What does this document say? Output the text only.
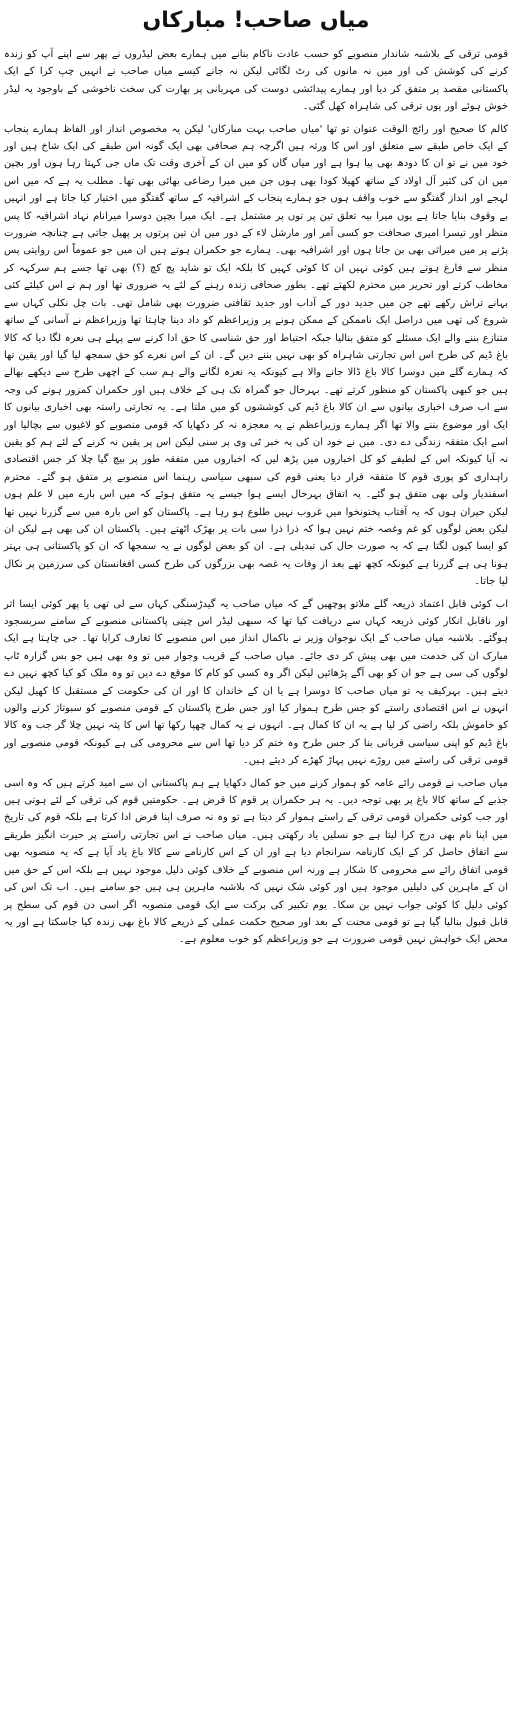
میاں صاحب! مبارکاں

قومی ترقی کے بلاشبہ شاندار منصوبے کو حسب عادت ناکام بنانے میں ہمارے بعض لیڈروں نے پھر سے اپنے آپ کو زندہ کرنے کی کوشش کی اور میں نہ مانوں کی رٹ لگائی لیکن نہ جانے کیسے میاں صاحب نے انہیں چپ کرا کے ایک پاکستانی مقصد پر متفق کر دیا اور ہمارے پیدائشی دوست کی مہربانی پر بھارت کی سخت ناخوشی کے باوجود یہ لیڈر خوش ہوئے اور یوں ترقی کی شاہراہ کھل گئی۔

کالم کا صحیح اور رائج الوقت عنوان تو تھا 'میاں صاحب بہت مبارکاں' لیکن یہ مخصوص انداز اور الفاظ ہمارے پنجاب کے ایک خاص طبقے سے متعلق اور اس کا ورثہ ہیں اگرچہ ہم صحافی بھی ایک گونہ اس طبقے کی ایک شاخ ہیں اور خود میں نے تو ان کا دودھ بھی پیا ہوا ہے اور میاں گاں کو میں ان کے آخری وقت تک ماں جی کہتا رہا ہوں اور بچپن میں ان کی کثیر آل اولاد کے ساتھ کھیلا کودا بھی ہوں جن میں میرا رضاعی بھائی بھی تھا۔ مطلب یہ ہے کہ میں اس لہجے اور انداز گفتگو سے خوب واقف ہوں جو ہمارے پنجاب کے اشرافیہ کے ساتھ گفتگو میں اختیار کیا جاتا ہے اور انہیں بے وقوف بنایا جاتا ہے یوں میرا بیہ تعلق تین پر توں پر مشتمل ہے۔ ایک میرا بچپن دوسرا میرانام نہاد اشرافیہ کا پس منظر اور تیسرا امیری صحافت جو کسی آمر اور مارشل لاء کے دور میں ان تین پرتوں پر پھیل جاتی ہے چنانچہ ضرورت پڑنے پر میں میراثی بھی بن جاتا ہوں اور اشرافیہ بھی۔ ہمارے جو حکمران ہوتے ہیں ان میں جو عموماً اس روایتی پس منظر سے فارغ ہوتے ہیں کوئی نہیں ان کا کوئی کہیں کا بلکہ ایک تو شاید پچ کچ (؟) بھی تھا جسے ہم سرکہہ کر مخاطب کرتے اور تحریر میں محترم لکھتے تھے۔ بطور صحافی زندہ رہنے کے لئے یہ ضروری تھا اور ہم نے اس کیلئے کئی بہانے تراش رکھے تھے جن میں جدید دور کے آداب اور جدید ثقافتی ضرورت بھی شامل تھی۔ بات چل نکلی کہاں سے شروع کی تھی میں دراصل ایک ناممکن کے ممکن ہونے پر وزیراعظم کو داد دینا چاہتا تھا وزیراعظم نے آسانی کے ساتھ متنازع بننے والے ایک مسئلے کو متفق بنالیا جبکہ احتیاط اور حق شناسی کا حق ادا کرنے سے پہلے ہی نعرہ لگا دیا کہ کالا باغ ڈیم کی طرح اس اس تجارتی شاہراہ کو بھی نہیں بننے دیں گے۔ ان کے اس نعرے کو حق سمجھ لیا گیا اور یقین تھا کہ ہمارے گلے میں دوسرا کالا باغ ڈالا جانے والا ہے کیونکہ یہ نعرہ لگانے والے ہم سب کے اچھی طرح سے دیکھے بھالے ہیں جو کبھی پاکستان کو منظور کرتے تھے۔ بہرحال جو گمراہ تک ہی کے خلاف ہیں اور حکمران کمزور ہونے کی وجہ سے اب صرف اخباری بیانوں سے ان کالا باغ ڈیم کی کوششوں کو میں ملتا ہے۔ یہ تجارتی راستہ بھی اخباری بیانوں کا ایک اور موضوع بننے والا تھا اگر ہمارے وزیراعظم نے یہ معجزہ نہ کر دکھایا کہ قومی منصوبے کو لاغیوں سے بچالیا اور اسے ایک متفقہ زندگی دے دی۔ میں نے خود ان کی یہ خبر ٹی وی پر سنی لیکن اس پر یقین نہ کرنے کے لئے ہم کو یقین نہ آیا کیونکہ اس کے لطیفے کو کل اخباروں میں پڑھ لیں کہ اخباروں میں متفقہ طور پر بیچ گیا چلا کر جس اقتصادی راہداری کو پوری قوم کا متفقہ قرار دیا یعنی قوم کی سبھی سیاسی رہنما اس منصوبے پر متفق ہو گئے۔ محترم اسفندیار ولی بھی متفق ہو گئے۔ یہ اتفاق بہرحال ایسے ہوا جیسے یہ متفق ہوئے کہ میں اس بارے میں لا علم ہوں لیکن حیران ہوں کہ یہ آفتاب پختونخوا میں غروب نہیں طلوع ہو رہا ہے۔ پاکستان کو اس بارہ میں سے گزرنا نہیں تھا لیکن بعض لوگوں کو غم وغصہ ختم نہیں ہوا کہ ذرا ذرا سی بات پر بھڑک اٹھتے ہیں۔ پاکستان ان کی بھی ہے لیکن ان کو ایسا کیوں لگتا ہے کہ یہ صورت حال کی تبدیلی ہے۔ ان کو بعض لوگوں نے یہ سمجھا کہ ان کو پاکستانی ہی بہتر ہونا ہی ہے گزرنا ہے کیونکہ کچھ تھے بعد از وفات یہ غصہ بھی بزرگوں کی طرح کسی افغانستان کی سرزمین پر نکال لیا جاتا۔

اب کوئی قابل اعتماد ذریعہ گلے ملاتو پوچھیں گے کہ میاں صاحب یہ گیدڑسنگی کہاں سے لی تھی یا پھر کوئی ایسا اثر اور ناقابل انکار کوئی ذریعہ کہاں سے دریافت کیا تھا کہ سبھی لیڈر اس چینی پاکستانی منصوبے کے سامنے سربسجود ہوگئے۔ بلاشبہ میاں صاحب کے ایک نوجوان وزیر نے باکمال انداز میں اس منصوبے کا تعارف کرایا تھا۔ جی چاہتا ہے ایک مبارک ان کی خدمت میں بھی پیش کر دی جائے۔ میاں صاحب کے قریب وجوار میں تو وہ بھی ہیں جو بس گزارہ ٹاپ لوگوں کی سی ہے جو ان کو بھی آگے پڑھائیں لیکن اگر وہ کسی کو کام کا موقع دے دیں تو وہ ملک کو کیا کچھ نہیں دے دیتے ہیں۔ بہرکیف یہ تو میاں صاحب کا دوسرا ہے یا ان کے خاندان کا اور ان کی حکومت کے مستقبل کا کھیل لیکن انہوں نے اس اقتصادی راستے کو جس طرح ہموار کیا اور جس طرح پاکستان کے قومی منصوبے کو سبوتاژ کرنے والوں کو خاموش بلکہ راضی کر لیا ہے یہ ان کا کمال ہے۔ انہوں نے یہ کمال چھپا رکھا تھا اس کا پتہ نہیں چلا گر جب وہ کالا باغ ڈیم کو اپنی سیاسی قربانی بنا کر جس طرح وہ ختم کر دیا تھا اس سے محرومی کی ہے کیونکہ قومی منصوبے اور قومی ترقی کی راستے میں روڑے نہیں پہاڑ کھڑے کر دیئے ہیں۔

میاں صاحب نے قومی رائے عامہ کو ہموار کرنے میں جو کمال دکھایا ہے ہم پاکستانی ان سے امید کرتے ہیں کہ وہ اسی جذبے کے ساتھ کالا باغ پر بھی توجہ دیں۔ یہ ہر حکمران پر قوم کا قرض ہے۔ حکومتیں قوم کی ترقی کے لئے ہوتی ہیں اور جب کوئی حکمران قومی ترقی کے راستے ہموار کر دیتا ہے تو وہ نہ صرف اپنا فرض ادا کرتا ہے بلکہ قوم کی تاریخ میں اپنا نام بھی درج کرا لیتا ہے جو نسلیں یاد رکھتی ہیں۔ میاں صاحب نے اس تجارتی راستے پر حیرت انگیز طریقے سے اتفاق حاصل کر کے ایک کارنامہ سرانجام دیا ہے اور ان کے اس کارنامے سے کالا باغ یاد آیا ہے کہ یہ منصوبہ بھی قومی اتفاق رائے سے محرومی کا شکار ہے ورنہ اس منصوبے کے خلاف کوئی دلیل موجود نہیں ہے بلکہ اس کے حق میں ان کے ماہرین کی دلیلیں موجود ہیں اور کوئی شک نہیں کہ بلاشبہ ماہرین ہی ہیں جو سامنے ہیں۔ اب تک اس کی کوئی دلیل کا کوئی جواب نہیں بن سکا۔ یوم تکبیر کی برکت سے ایک قومی منصوبہ اگر اسی دن قوم کی سطح پر قابل قبول بنالیا گیا ہے تو قومی محنت کے بعد اور صحیح حکمت عملی کے ذریعے کالا باغ بھی زندہ کیا جاسکتا ہے اور یہ محض ایک خواہش نہیں قومی ضرورت ہے جو وزیراعظم کو خوب معلوم ہے۔
